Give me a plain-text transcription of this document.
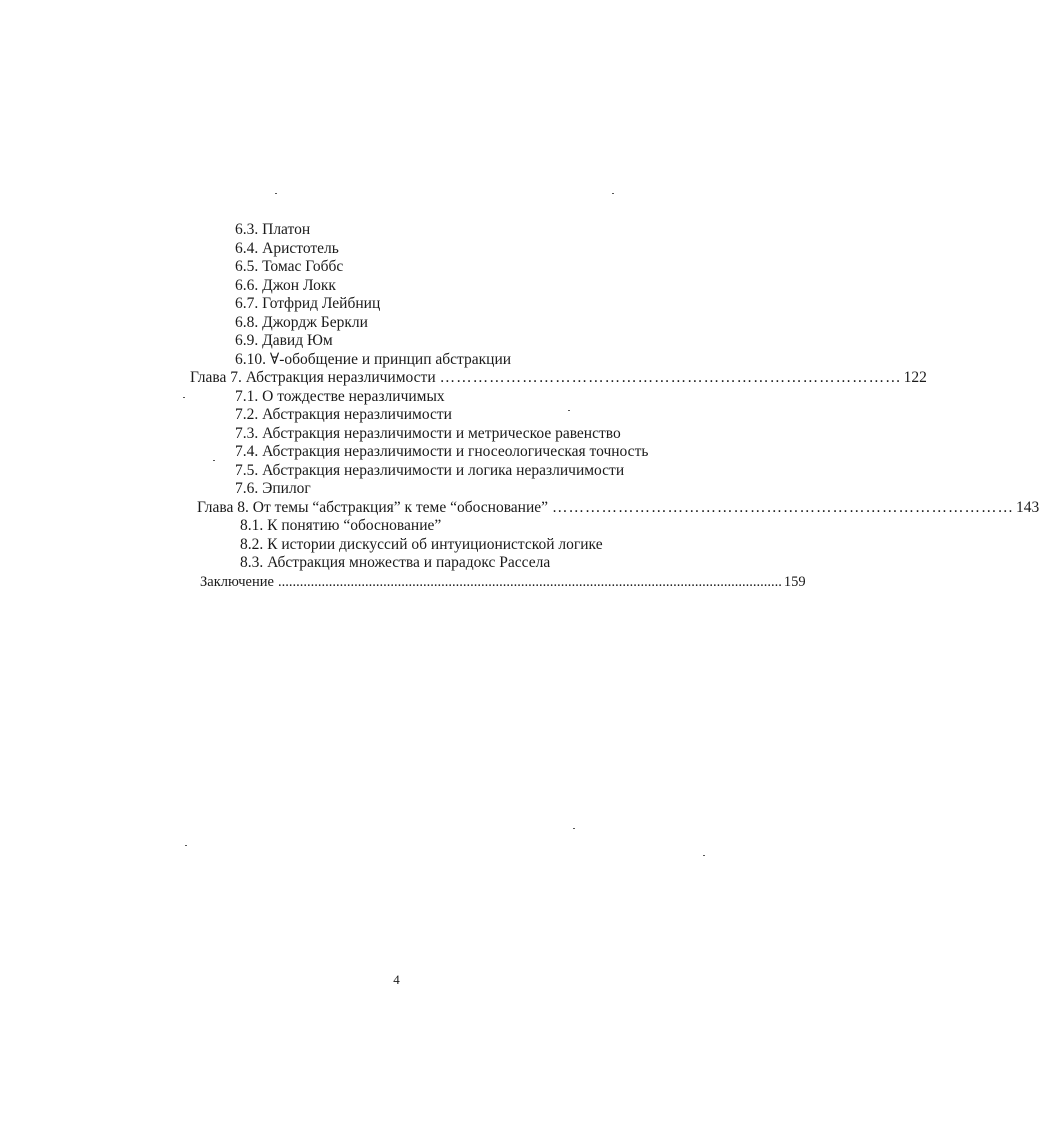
6.3. Платон
6.4. Аристотель
6.5. Томас Гоббс
6.6. Джон Локк
6.7. Готфрид Лейбниц
6.8. Джордж Беркли
6.9. Давид Юм
6.10. ∀-обобщение и принцип абстракции
Глава 7. Абстракция неразличимости ………………………………………………………………………… 122
7.1. О тождестве неразличимых
7.2. Абстракция неразличимости
7.3. Абстракция неразличимости и метрическое равенство
7.4. Абстракция неразличимости и гносеологическая точность
7.5. Абстракция неразличимости и логика неразличимости
7.6. Эпилог
Глава 8. От темы “абстракция” к теме “обоснование” ………………………………………………………………………… 143
8.1. К понятию “обоснование”
8.2. К истории дискуссий об интуиционистской логике
8.3. Абстракция множества и парадокс Рассела
Заключение ........................................................................................................................................... 159
4
